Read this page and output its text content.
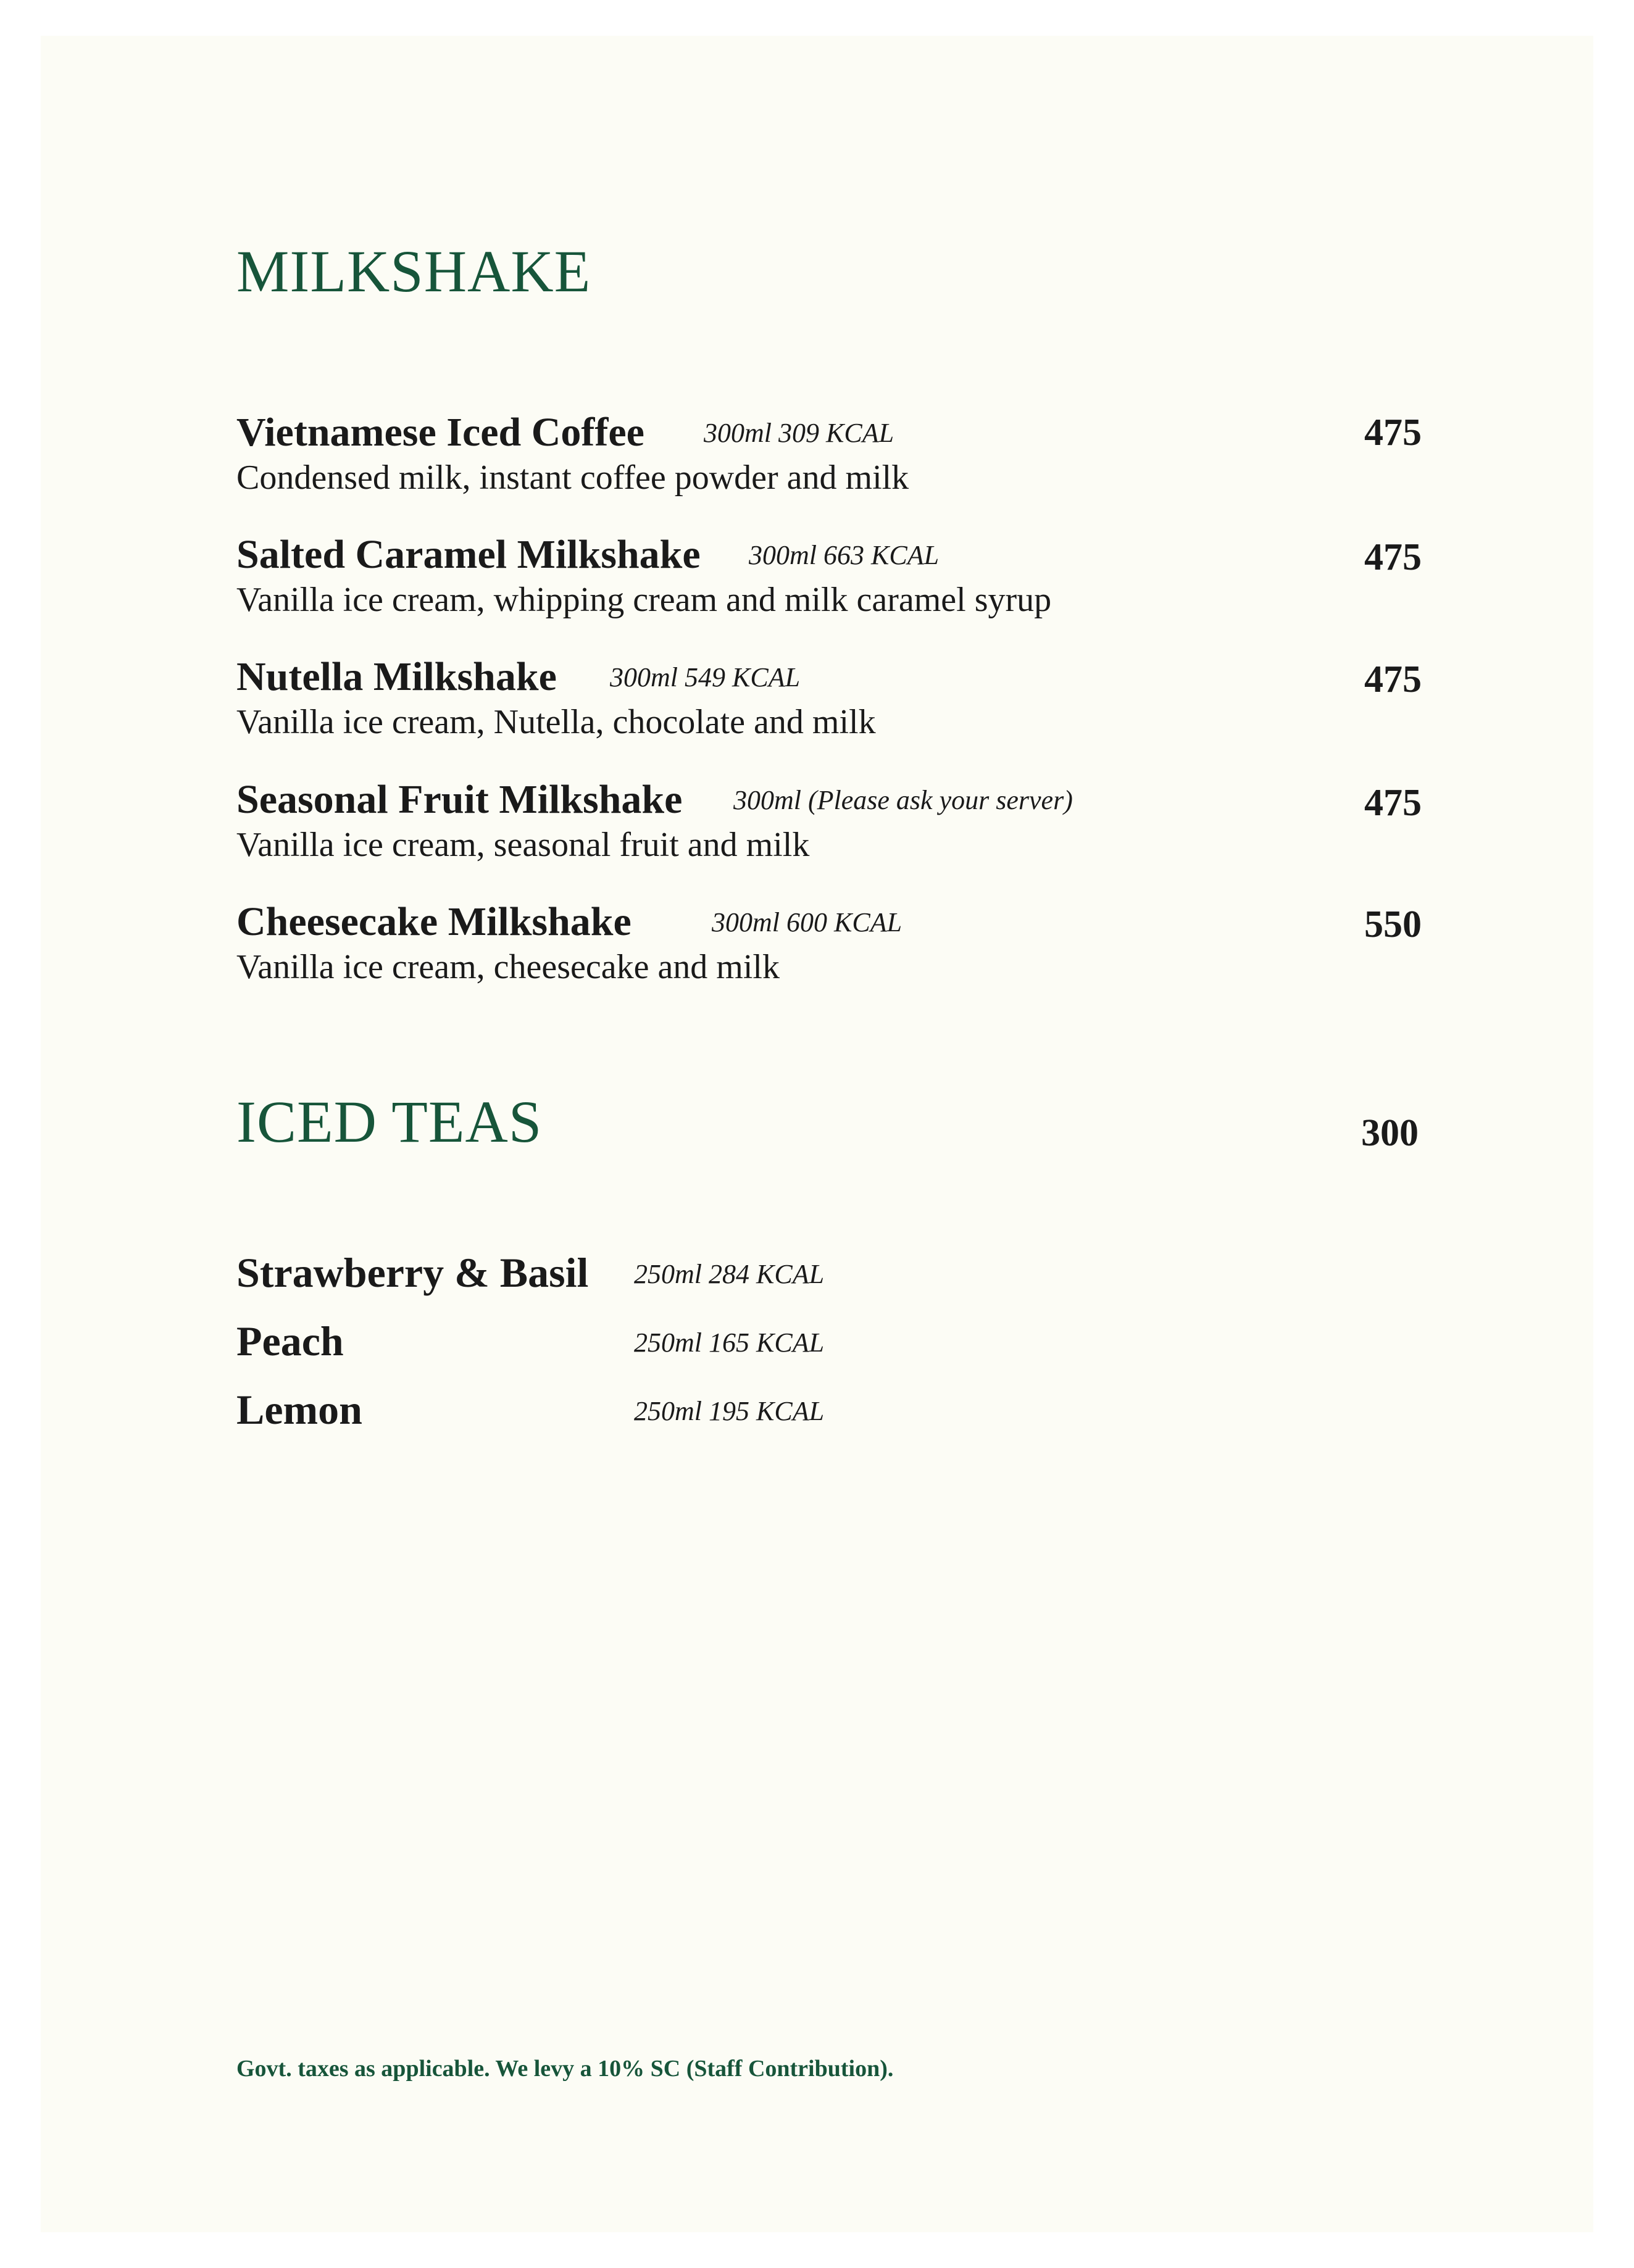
MILKSHAKE
Vietnamese Iced Coffee	300ml 309 KCAL
Condensed milk, instant coffee powder and milk
475
Salted Caramel Milkshake	300ml 663 KCAL
Vanilla ice cream, whipping cream and milk caramel syrup
475
Nutella Milkshake	300ml 549 KCAL
Vanilla ice cream, Nutella, chocolate and milk
475
Seasonal Fruit Milkshake	300ml (Please ask your server)
Vanilla ice cream, seasonal fruit and milk
475
Cheesecake Milkshake	300ml 600 KCAL
Vanilla ice cream, cheesecake and milk
550
ICED TEAS	300
Strawberry & Basil 250ml 284 KCAL
Peach	250ml 165 KCAL
Lemon	250ml 195 KCAL
Govt. taxes as applicable. We levy a 10% SC (Staff Contribution).
